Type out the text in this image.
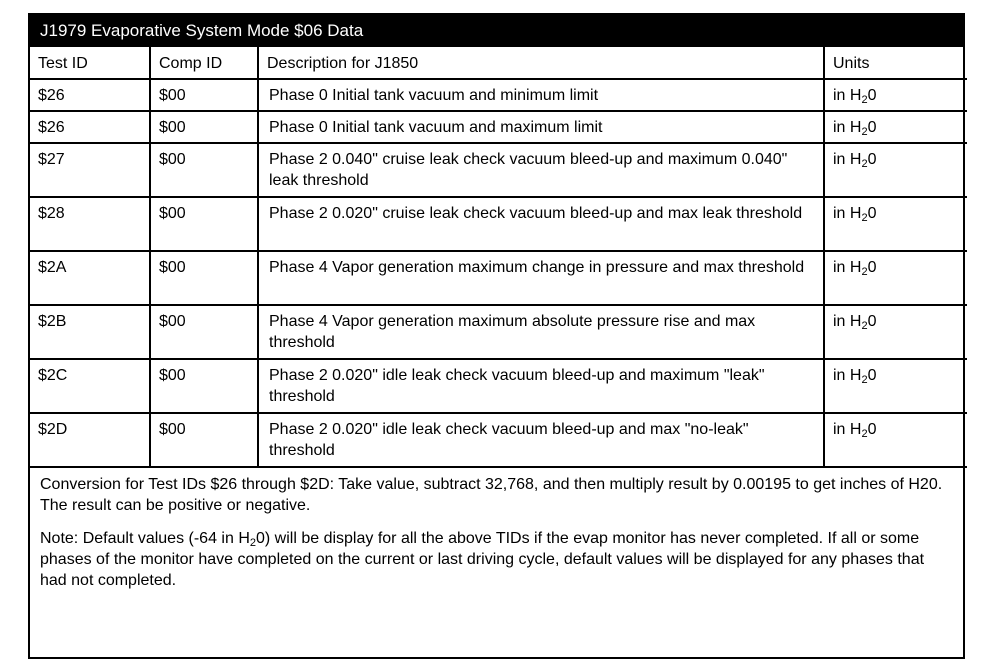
J1979 Evaporative System Mode $06 Data
Test ID	Comp ID	Description for J1850	Units
$26	$00	Phase 0 Initial tank vacuum and minimum limit	in $H_20$
$26	$00	Phase 0 Initial tank vacuum and maximum limit	in $H_20$
$27	$00	Phase 2 0.040" cruise leak check vacuum bleed-up and maximum 0.040" leak threshold	in $H_20$
$28	$00	Phase 2 0.020" cruise leak check vacuum bleed-up and max leak threshold	in $H_20$
$2A	$00	Phase 4 Vapor generation maximum change in pressure and max threshold	in $H_20$
$2B	$00	Phase 4 Vapor generation maximum absolute pressure rise and max threshold	in $H_20$
$2C	$00	Phase 2 0.020" idle leak check vacuum bleed-up and maximum "leak" threshold	in $H_20$
$2D	$00	Phase 2 0.020" idle leak check vacuum bleed-up and max "no-leak" threshold	in $H_20$

Conversion for Test IDs $26 through $2D: Take value, subtract 32,768, and then multiply result by 0.00195 to get inches of H20. The result can be positive or negative.

Note: Default values (-64 in $H_20$) will be display for all the above TIDs if the evap monitor has never completed. If all or some phases of the monitor have completed on the current or last driving cycle, default values will be displayed for any phases that had not completed.
